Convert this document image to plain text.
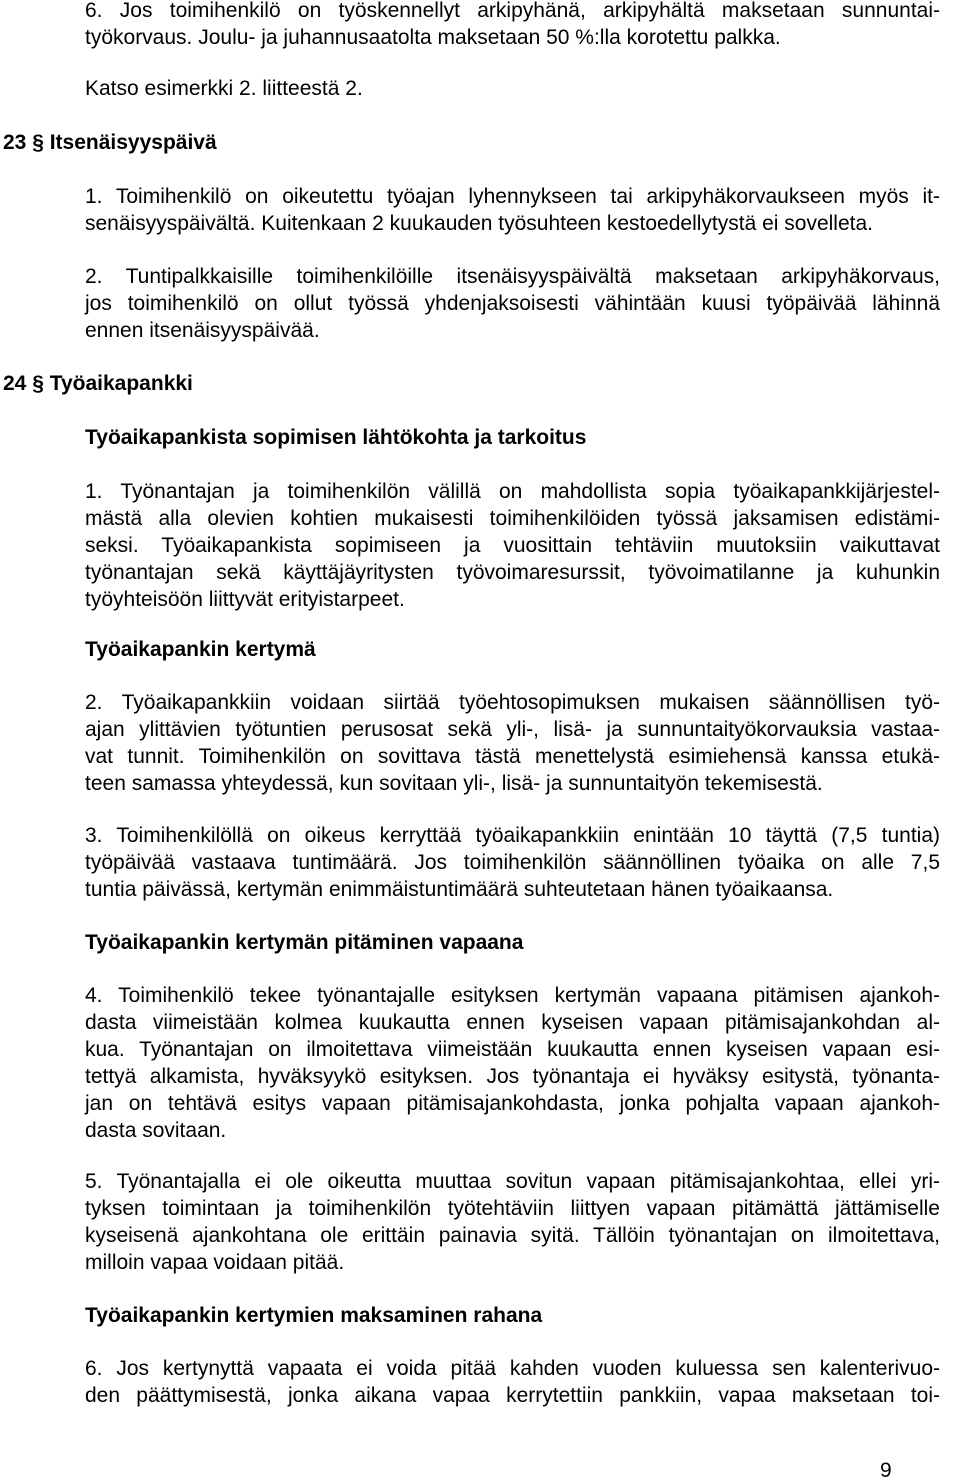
6. Jos toimihenkilö on työskennellyt arkipyhänä, arkipyhältä maksetaan sunnuntai-
työkorvaus. Joulu- ja juhannusaatolta maksetaan 50 %:lla korotettu palkka.
Katso esimerkki 2. liitteestä 2.
23 § Itsenäisyyspäivä
1. Toimihenkilö on oikeutettu työajan lyhennykseen tai arkipyhäkorvaukseen myös it-
senäisyyspäivältä. Kuitenkaan 2 kuukauden työsuhteen kestoedellytystä ei sovelleta.
2. Tuntipalkkaisille toimihenkilöille itsenäisyyspäivältä maksetaan arkipyhäkorvaus,
jos toimihenkilö on ollut työssä yhdenjaksoisesti vähintään kuusi työpäivää lähinnä
ennen itsenäisyyspäivää.
24 § Työaikapankki
Työaikapankista sopimisen lähtökohta ja tarkoitus
1. Työnantajan ja toimihenkilön välillä on mahdollista sopia työaikapankkijärjestel-
mästä alla olevien kohtien mukaisesti toimihenkilöiden työssä jaksamisen edistämi-
seksi. Työaikapankista sopimiseen ja vuosittain tehtäviin muutoksiin vaikuttavat
työnantajan sekä käyttäjäyritysten työvoimaresurssit, työvoimatilanne ja kuhunkin
työyhteisöön liittyvät erityistarpeet.
Työaikapankin kertymä
2. Työaikapankkiin voidaan siirtää työehtosopimuksen mukaisen säännöllisen työ-
ajan ylittävien työtuntien perusosat sekä yli-, lisä- ja sunnuntaityökorvauksia vastaa-
vat tunnit. Toimihenkilön on sovittava tästä menettelystä esimiehensä kanssa etukä-
teen samassa yhteydessä, kun sovitaan yli-, lisä- ja sunnuntaityön tekemisestä.
3. Toimihenkilöllä on oikeus kerryttää työaikapankkiin enintään 10 täyttä (7,5 tuntia)
työpäivää vastaava tuntimäärä. Jos toimihenkilön säännöllinen työaika on alle 7,5
tuntia päivässä, kertymän enimmäistuntimäärä suhteutetaan hänen työaikaansa.
Työaikapankin kertymän pitäminen vapaana
4. Toimihenkilö tekee työnantajalle esityksen kertymän vapaana pitämisen ajankoh-
dasta viimeistään kolmea kuukautta ennen kyseisen vapaan pitämisajankohdan al-
kua. Työnantajan on ilmoitettava viimeistään kuukautta ennen kyseisen vapaan esi-
tettyä alkamista, hyväksyykö esityksen. Jos työnantaja ei hyväksy esitystä, työnanta-
jan on tehtävä esitys vapaan pitämisajankohdasta, jonka pohjalta vapaan ajankoh-
dasta sovitaan.
5. Työnantajalla ei ole oikeutta muuttaa sovitun vapaan pitämisajankohtaa, ellei yri-
tyksen toimintaan ja toimihenkilön työtehtäviin liittyen vapaan pitämättä jättämiselle
kyseisenä ajankohtana ole erittäin painavia syitä. Tällöin työnantajan on ilmoitettava,
milloin vapaa voidaan pitää.
Työaikapankin kertymien maksaminen rahana
6. Jos kertynyttä vapaata ei voida pitää kahden vuoden kuluessa sen kalenterivuo-
den päättymisestä, jonka aikana vapaa kerrytettiin pankkiin, vapaa maksetaan toi-
9
